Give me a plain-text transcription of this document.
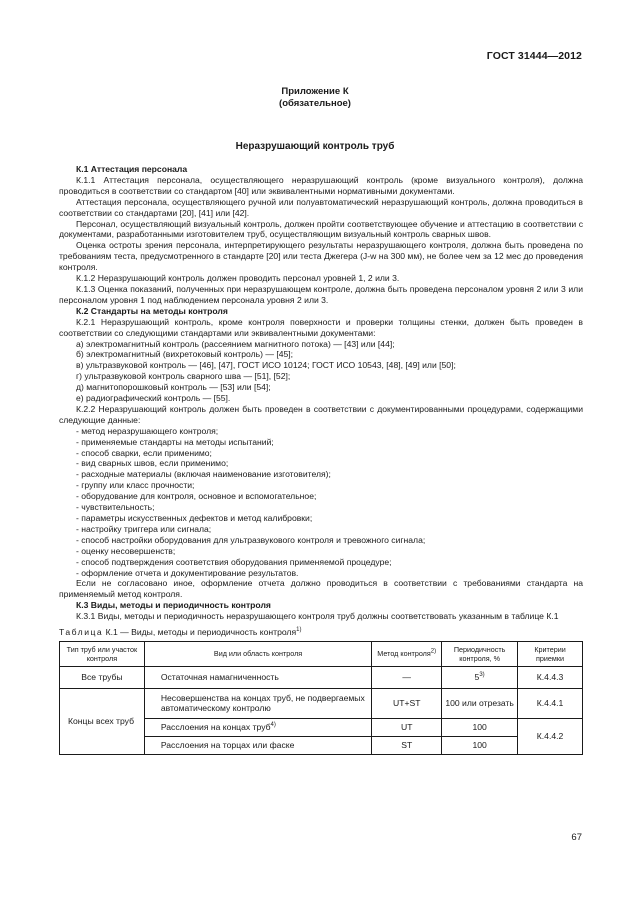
ГОСТ 31444—2012
Приложение К
(обязательное)
Неразрушающий контроль труб

К.1 Аттестация персонала

К.1.1 Аттестация персонала, осуществляющего неразрушающий контроль (кроме визуального контроля), должна проводиться в соответствии со стандартом [40] или эквивалентными нормативными документами.

Аттестация персонала, осуществляющего ручной или полуавтоматический неразрушающий контроль, должна проводиться в соответствии со стандартами [20], [41] или [42].

Персонал, осуществляющий визуальный контроль, должен пройти соответствующее обучение и аттестацию в соответствии с документами, разработанными изготовителем труб, осуществляющим визуальный контроль сварных швов.

Оценка остроты зрения персонала, интерпретирующего результаты неразрушающего контроля, должна быть проведена по требованиям теста, предусмотренного в стандарте [20] или теста Джегера (J-w на 300 мм), не более чем за 12 мес до проведения контроля.

К.1.2 Неразрушающий контроль должен проводить персонал уровней 1, 2 или 3.

К.1.3 Оценка показаний, полученных при неразрушающем контроле, должна быть проведена персоналом уровня 2 или 3 или персоналом уровня 1 под наблюдением персонала уровня 2 или 3.

К.2 Стандарты на методы контроля

К.2.1 Неразрушающий контроль, кроме контроля поверхности и проверки толщины стенки, должен быть проведен в соответствии со следующими стандартами или эквивалентными документами:

а) электромагнитный контроль (рассеянием магнитного потока) — [43] или [44];

б) электромагнитный (вихретоковый контроль) — [45];

в) ультразвуковой контроль — [46], [47], ГОСТ ИСО 10124; ГОСТ ИСО 10543, [48], [49] или [50];

г) ультразвуковой контроль сварного шва — [51], [52];

д) магнитопорошковый контроль — [53] или [54];

е) радиографический контроль — [55].

К.2.2 Неразрушающий контроль должен быть проведен в соответствии с документированными процедурами, содержащими следующие данные:

- метод неразрушающего контроля;

- применяемые стандарты на методы испытаний;

- способ сварки, если применимо;

- вид сварных швов, если применимо;

- расходные материалы (включая наименование изготовителя);

- группу или класс прочности;

- оборудование для контроля, основное и вспомогательное;

- чувствительность;

- параметры искусственных дефектов и метод калибровки;

- настройку триггера или сигнала;

- способ настройки оборудования для ультразвукового контроля и тревожного сигнала;

- оценку несовершенств;

- способ подтверждения соответствия оборудования применяемой процедуре;

- оформление отчета и документирование результатов.

Если не согласовано иное, оформление отчета должно проводиться в соответствии с требованиями стандарта на применяемый метод контроля.

К.3 Виды, методы и периодичность контроля

К.3.1 Виды, методы и периодичность неразрушающего контроля труб должны соответствовать указанным в таблице К.1

Таблица К.1 — Виды, методы и периодичность контроля$^{1)}$

Тип труб или участок контроля	Вид или область контроля	Метод контроля$^{2)}$	Периодичность контроля, %	Критерии приемки
Все трубы	Остаточная намагниченность	—	5$^{3)}$	К.4.4.3
Концы всех труб	Несовершенства на концах труб, не подвергаемых автоматическому контролю	UT+ST	100 или отрезать	К.4.4.1
	Расслоения на концах труб$^{4)}$	UT	100	К.4.4.2
	Расслоения на торцах или фаске	ST	100	
67
